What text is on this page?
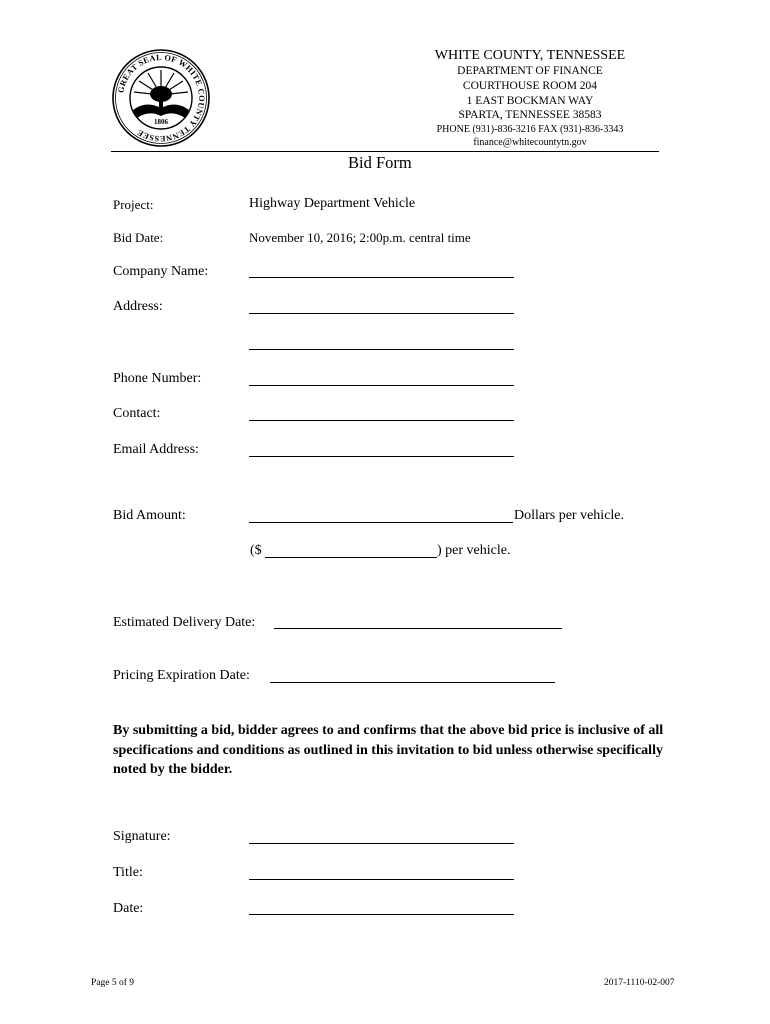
GREAT SEAL OF WHITE COUNTY TENNESSEE
1806
WHITE COUNTY, TENNESSEE
DEPARTMENT OF FINANCE
COURTHOUSE ROOM 204
1 EAST BOCKMAN WAY
SPARTA, TENNESSEE 38583
PHONE (931)-836-3216 FAX (931)-836-3343
finance@whitecountytn.gov
Bid Form
Project:	Highway Department Vehicle
Bid Date:	November 10, 2016; 2:00p.m. central time
Company Name:
Address:
Phone Number:
Contact:
Email Address:
Bid Amount:	Dollars per vehicle.
($	) per vehicle.
Estimated Delivery Date:
Pricing Expiration Date:
By submitting a bid, bidder agrees to and confirms that the above bid price is inclusive of all specifications and conditions as outlined in this invitation to bid unless otherwise specifically noted by the bidder.
Signature:
Title:
Date:
Page 5 of 9	2017-1110-02-007
